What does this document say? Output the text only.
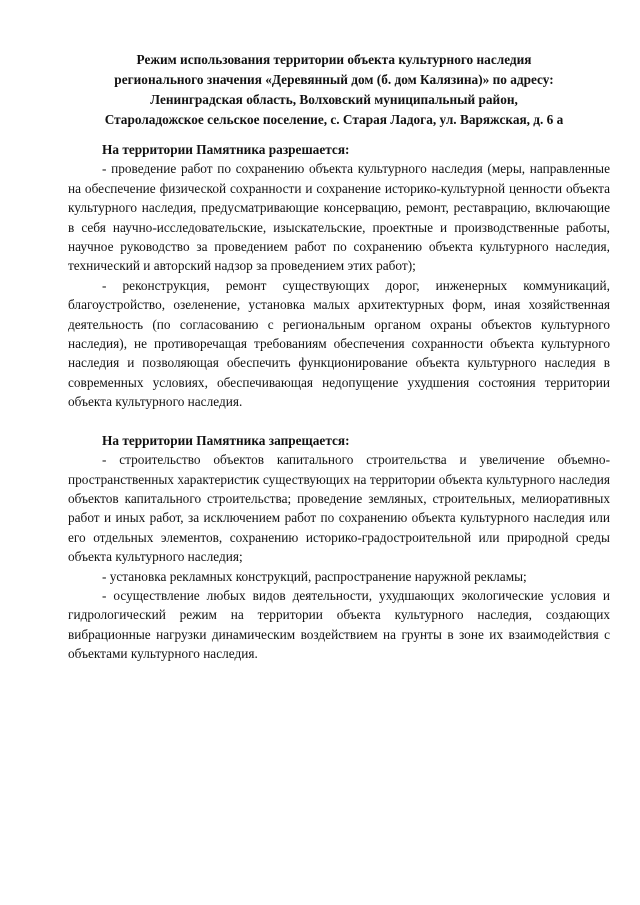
Режим использования территории объекта культурного наследия
регионального значения «Деревянный дом (б. дом Калязина)» по адресу:
Ленинградская область, Волховский муниципальный район,
Староладожское сельское поселение, с. Старая Ладога, ул. Варяжская, д. 6 а

На территории Памятника разрешается:

- проведение работ по сохранению объекта культурного наследия (меры, направленные на обеспечение физической сохранности и сохранение историко-культурной ценности объекта культурного наследия, предусматривающие консервацию, ремонт, реставрацию, включающие в себя научно-исследовательские, изыскательские, проектные и производственные работы, научное руководство за проведением работ по сохранению объекта культурного наследия, технический и авторский надзор за проведением этих работ);

- реконструкция, ремонт существующих дорог, инженерных коммуникаций, благоустройство, озеленение, установка малых архитектурных форм, иная хозяйственная деятельность (по согласованию с региональным органом охраны объектов культурного наследия), не противоречащая требованиям обеспечения сохранности объекта культурного наследия и позволяющая обеспечить функционирование объекта культурного наследия в современных условиях, обеспечивающая недопущение ухудшения состояния территории объекта культурного наследия.

На территории Памятника запрещается:

- строительство объектов капитального строительства и увеличение объемно-пространственных характеристик существующих на территории объекта культурного наследия объектов капитального строительства; проведение земляных, строительных, мелиоративных работ и иных работ, за исключением работ по сохранению объекта культурного наследия или его отдельных элементов, сохранению историко-градостроительной или природной среды объекта культурного наследия;

- установка рекламных конструкций, распространение наружной рекламы;

- осуществление любых видов деятельности, ухудшающих экологические условия и гидрологический режим на территории объекта культурного наследия, создающих вибрационные нагрузки динамическим воздействием на грунты в зоне их взаимодействия с объектами культурного наследия.
